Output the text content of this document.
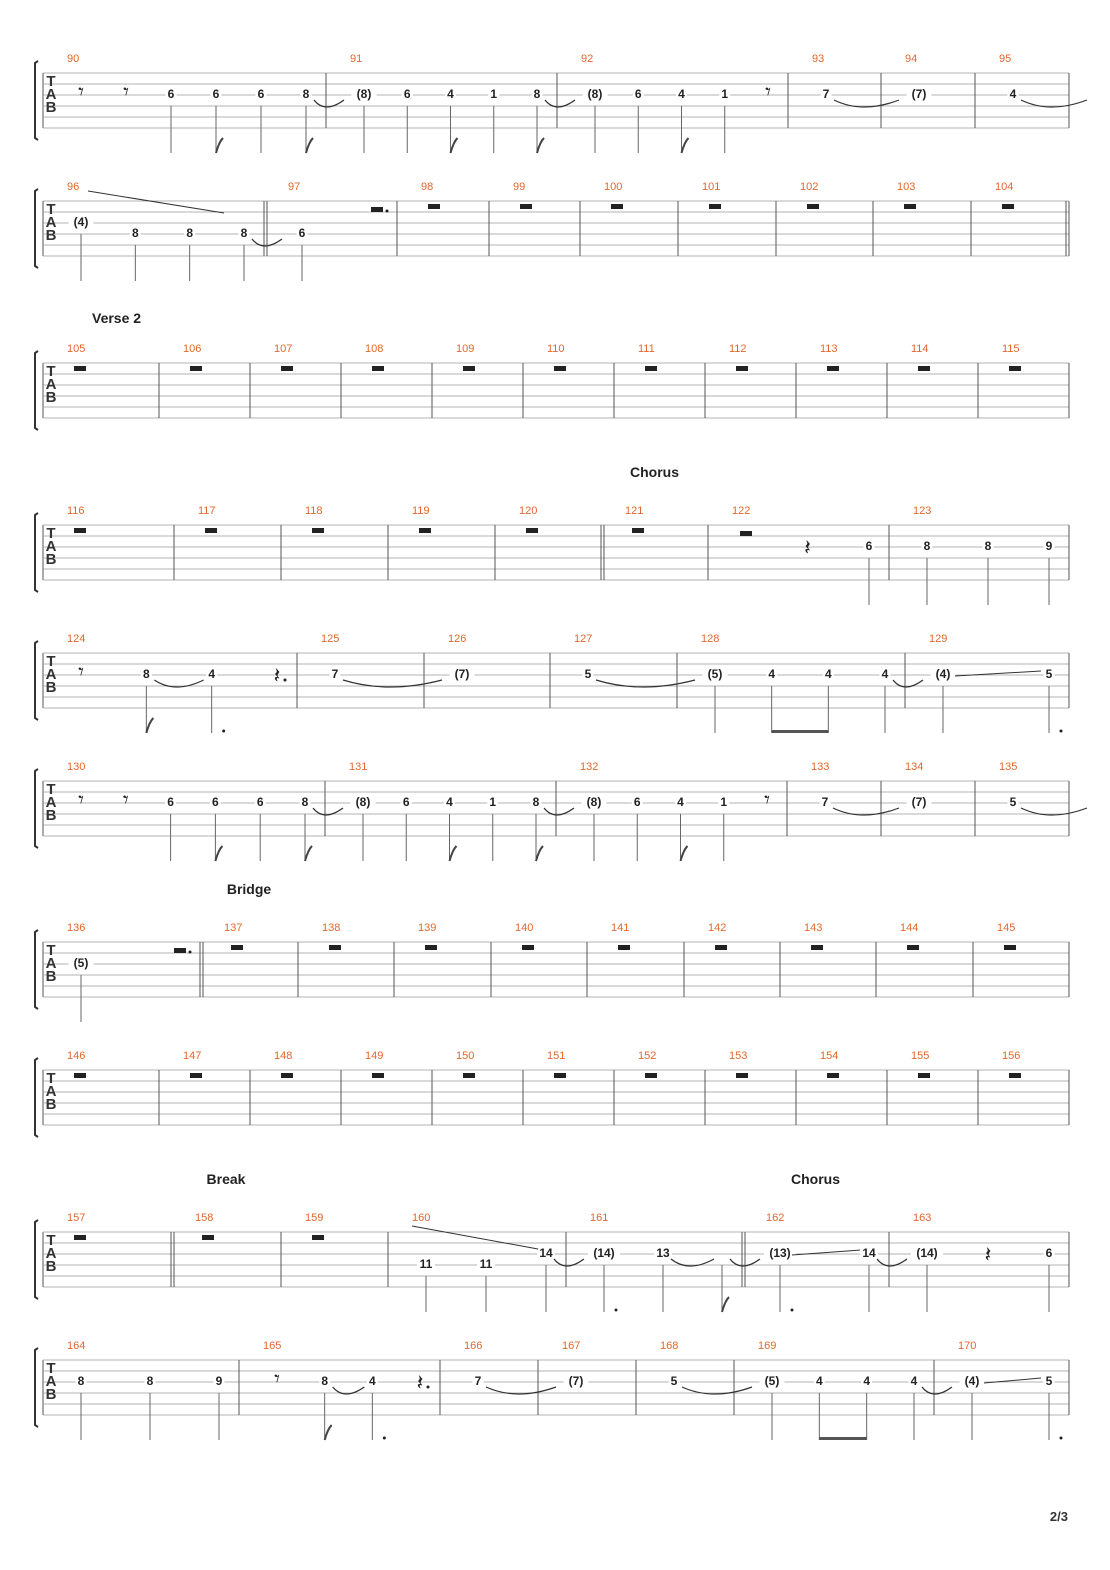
T
A
B
90
𝄾 𝄾	6	6	6	8
91
(8)	6	4	1	8
92
(8)	6	4	1 𝄾
93
7
94
(7)
95
4
T
A
B
96
(4)
8	8	8
97
6
98	99	100	101	102	103	104
T
A
B
Verse 2
105	106	107	108	109	110	111	112	113	114	115
T
A
B
Chorus
116	117	118	119	120	121	122
𝄽	6
123
8	8	9
T
A
B
124
𝄾	8	4	𝄽
125
7
126
(7)
127
5
128
(5)	4	4	4
129
(4)	5
T
A
B
130
𝄾 𝄾	6	6	6	8
131
(8)	6	4	1	8
132
(8)	6	4	1 𝄾
133
7
134
(7)
135
5
T
A
B
Bridge
136
(5)
137	138	139	140	141	142	143	144	145
T
A
B
146	147	148	149	150	151	152	153	154	155	156
T
A
B
Break	Chorus
157	158	159	160
11	11
14
161
(14)	13
162
(13)	14
163
(14) 𝄽	6
T
A
B
164
8	8	9
165
𝄾	8	4 𝄽
166
7
167
(7)
168
5
169
(5)	4	4	4
170
(4)	5
2/3
